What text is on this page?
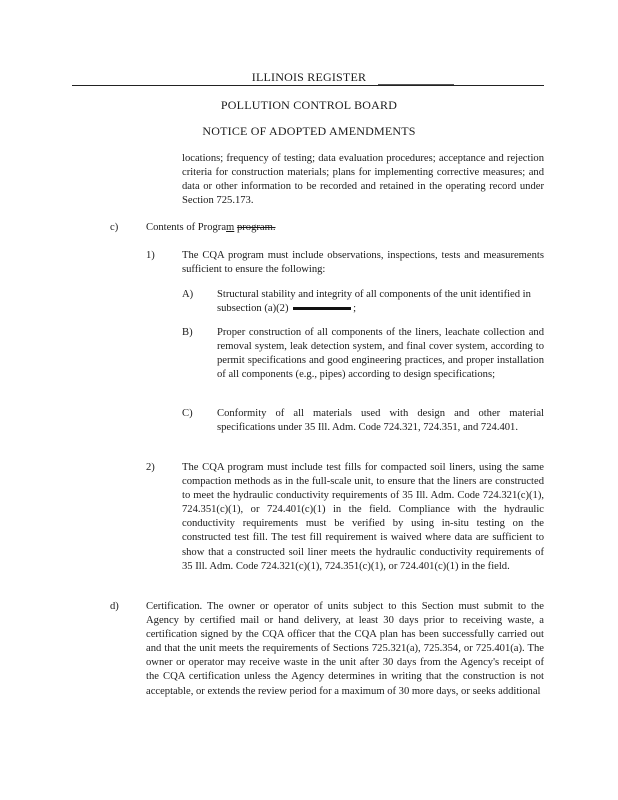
ILLINOIS REGISTER
POLLUTION CONTROL BOARD
NOTICE OF ADOPTED AMENDMENTS
locations; frequency of testing; data evaluation procedures; acceptance and rejection criteria for construction materials; plans for implementing corrective measures; and data or other information to be recorded and retained in the operating record under Section 725.173.
c)	Contents of Program program.
1)	The CQA program must include observations, inspections, tests and measurements sufficient to ensure the following:
A) Structural stability and integrity of all components of the unit identified in subsection (a)(2)	;
B) Proper construction of all components of the liners, leachate collection and removal system, leak detection system, and final cover system, according to permit specifications and good engineering practices, and proper installation of all components (e.g., pipes) according to design specifications;
C) Conformity of all materials used with design and other material specifications under 35 Ill. Adm. Code 724.321, 724.351, and 724.401.
2)	The CQA program must include test fills for compacted soil liners, using the same compaction methods as in the full-scale unit, to ensure that the liners are constructed to meet the hydraulic conductivity requirements of 35 Ill. Adm. Code 724.321(c)(1), 724.351(c)(1), or 724.401(c)(1) in the field. Compliance with the hydraulic conductivity requirements must be verified by using in-situ testing on the constructed test fill. The test fill requirement is waived where data are sufficient to show that a constructed soil liner meets the hydraulic conductivity requirements of 35 Ill. Adm. Code 724.321(c)(1), 724.351(c)(1), or 724.401(c)(1) in the field.
d)	Certification. The owner or operator of units subject to this Section must submit to the Agency by certified mail or hand delivery, at least 30 days prior to receiving waste, a certification signed by the CQA officer that the CQA plan has been successfully carried out and that the unit meets the requirements of Sections 725.321(a), 725.354, or 725.401(a). The owner or operator may receive waste in the unit after 30 days from the Agency's receipt of the CQA certification unless the Agency determines in writing that the construction is not acceptable, or extends the review period for a maximum of 30 more days, or seeks additional
